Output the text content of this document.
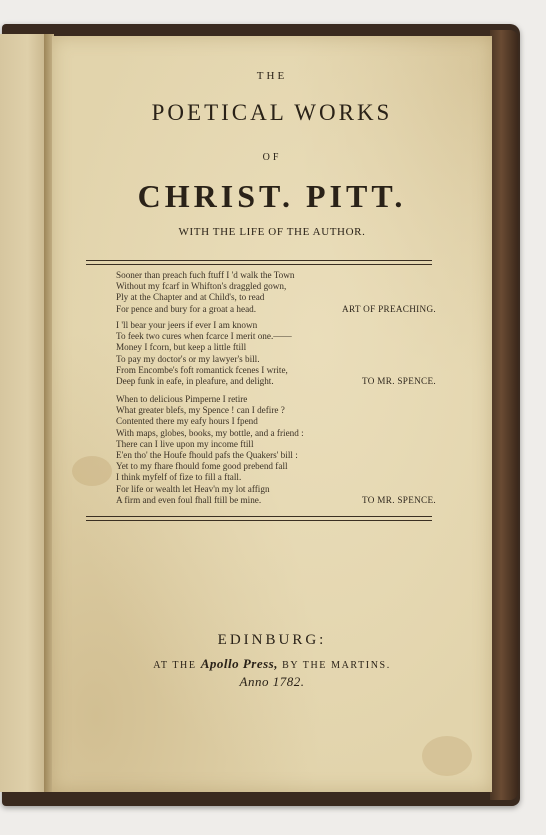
THE
POETICAL WORKS
OF
CHRIST. PITT.
WITH THE LIFE OF THE AUTHOR.
Sooner than preach fuch ftuff I 'd walk the Town
Without my fcarf in Whifton's draggled gown,
Ply at the Chapter and at Child's, to read
For pence and bury for a groat a head.	ART OF PREACHING.
I 'll bear your jeers if ever I am known
To feek two cures when fcarce I merit one.——
Money I fcorn, but keep a little ftill
To pay my doctor's or my lawyer's bill.
From Encombe's foft romantick fcenes I write,
Deep funk in eafe, in pleafure, and delight.	TO MR. SPENCE.
When to delicious Pimperne I retire
What greater blefs, my Spence ! can I defire ?
Contented there my eafy hours I fpend
With maps, globes, books, my bottle, and a friend :
There can I live upon my income ftill
E'en tho' the Houfe fhould pafs the Quakers' bill :
Yet to my fhare fhould fome good prebend fall
I think myfelf of fize to fill a ftall.
For life or wealth let Heav'n my lot affign
A firm and even foul fhall ftill be mine.	TO MR. SPENCE.
EDINBURG:
AT THE Apollo Press, BY THE MARTINS.
Anno 1782.
